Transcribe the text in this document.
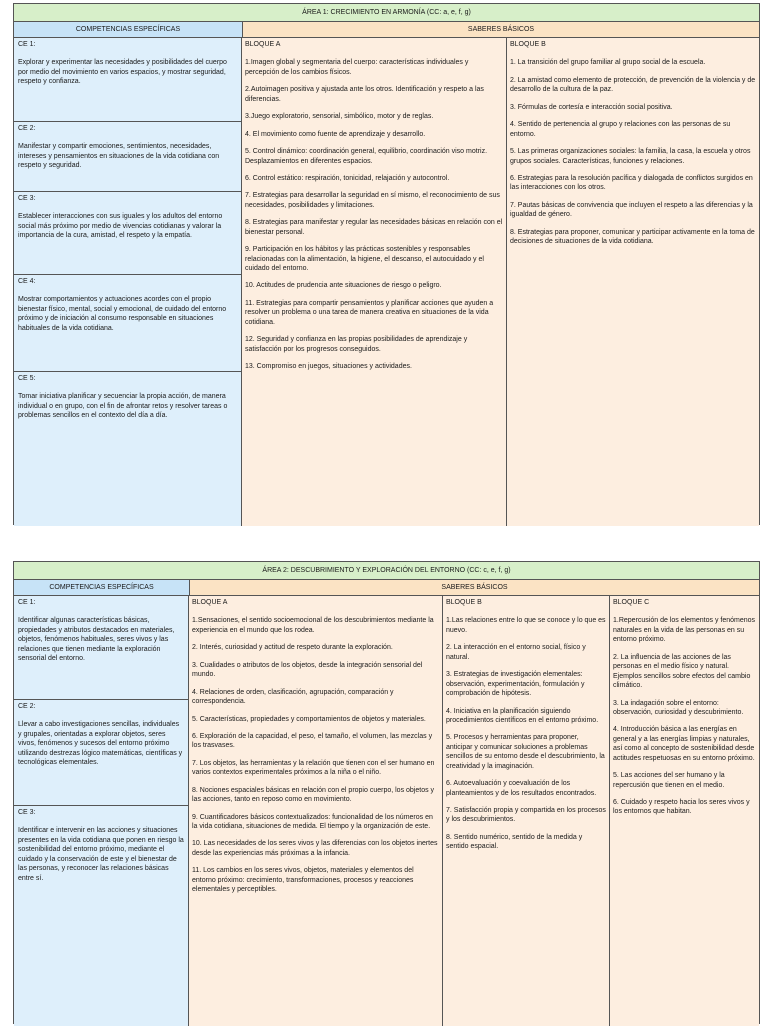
ÁREA 1: CRECIMIENTO EN ARMONÍA (CC: a, e, f, g)
COMPETENCIAS ESPECÍFICAS	SABERES BÁSICOS
CE 1:
Explorar y experimentar las necesidades y posibilidades del cuerpo por medio del movimiento en varios espacios, y mostrar seguridad, respeto y confianza.
CE 2:
Manifestar y compartir emociones, sentimientos, necesidades, intereses y pensamientos en situaciones de la vida cotidiana con respeto y seguridad.
CE 3:
Establecer interacciones con sus iguales y los adultos del entorno social más próximo por medio de vivencias cotidianas y valorar la importancia de la cura, amistad, el respeto y la empatía.
CE 4:
Mostrar comportamientos y actuaciones acordes con el propio bienestar físico, mental, social y emocional, de cuidado del entorno próximo y de iniciación al consumo responsable en situaciones habituales de la vida cotidiana.
CE 5:
Tomar iniciativa planificar y secuenciar la propia acción, de manera individual o en grupo, con el fin de afrontar retos y resolver tareas o problemas sencillos en el contexto del día a día.
BLOQUE A
1.Imagen global y segmentaria del cuerpo: características individuales y percepción de los cambios físicos.
2.Autoimagen positiva y ajustada ante los otros. Identificación y respeto a las diferencias.
3.Juego exploratorio, sensorial, simbólico, motor y de reglas.
4. El movimiento como fuente de aprendizaje y desarrollo.
5. Control dinámico: coordinación general, equilibrio, coordinación viso motriz. Desplazamientos en diferentes espacios.
6. Control estático: respiración, tonicidad, relajación y autocontrol.
7. Estrategias para desarrollar la seguridad en sí mismo, el reconocimiento de sus necesidades, posibilidades y limitaciones.
8. Estrategias para manifestar y regular las necesidades básicas en relación con el bienestar personal.
9. Participación en los hábitos y las prácticas sostenibles y responsables relacionadas con la alimentación, la higiene, el descanso, el autocuidado y el cuidado del entorno.
10. Actitudes de prudencia ante situaciones de riesgo o peligro.
11. Estrategias para compartir pensamientos y planificar acciones que ayuden a resolver un problema o una tarea de manera creativa en situaciones de la vida cotidiana.
12. Seguridad y confianza en las propias posibilidades de aprendizaje y satisfacción por los progresos conseguidos.
13. Compromiso en juegos, situaciones y actividades.
BLOQUE B
1. La transición del grupo familiar al grupo social de la escuela.
2. La amistad como elemento de protección, de prevención de la violencia y de desarrollo de la cultura de la paz.
3. Fórmulas de cortesía e interacción social positiva.
4. Sentido de pertenencia al grupo y relaciones con las personas de su entorno.
5. Las primeras organizaciones sociales: la familia, la casa, la escuela y otros grupos sociales. Características, funciones y relaciones.
6. Estrategias para la resolución pacífica y dialogada de conflictos surgidos en las interacciones con los otros.
7. Pautas básicas de convivencia que incluyen el respeto a las diferencias y la igualdad de género.
8. Estrategias para proponer, comunicar y participar activamente en la toma de decisiones de situaciones de la vida cotidiana.
ÁREA 2: DESCUBRIMIENTO Y EXPLORACIÓN DEL ENTORNO (CC: c, e, f, g)
COMPETENCIAS ESPECÍFICAS	SABERES BÁSICOS
CE 1:
Identificar algunas características básicas, propiedades y atributos destacados en materiales, objetos, fenómenos habituales, seres vivos y las relaciones que tienen mediante la exploración sensorial del entorno.
CE 2:
Llevar a cabo investigaciones sencillas, individuales y grupales, orientadas a explorar objetos, seres vivos, fenómenos y sucesos del entorno próximo utilizando destrezas lógico matemáticas, científicas y tecnológicas elementales.
CE 3:
Identificar e intervenir en las acciones y situaciones presentes en la vida cotidiana que ponen en riesgo la sostenibilidad del entorno próximo, mediante el cuidado y la conservación de este y el bienestar de las personas, y reconocer las relaciones básicas entre sí.
BLOQUE A
1.Sensaciones, el sentido socioemocional de los descubrimientos mediante la experiencia en el mundo que los rodea.
2. Interés, curiosidad y actitud de respeto durante la exploración.
3. Cualidades o atributos de los objetos, desde la integración sensorial del mundo.
4. Relaciones de orden, clasificación, agrupación, comparación y correspondencia.
5. Características, propiedades y comportamientos de objetos y materiales.
6. Exploración de la capacidad, el peso, el tamaño, el volumen, las mezclas y los trasvases.
7. Los objetos, las herramientas y la relación que tienen con el ser humano en varios contextos experimentales próximos a la niña o el niño.
8. Nociones espaciales básicas en relación con el propio cuerpo, los objetos y las acciones, tanto en reposo como en movimiento.
9. Cuantificadores básicos contextualizados: funcionalidad de los números en la vida cotidiana, situaciones de medida. El tiempo y la organización de este.
10. Las necesidades de los seres vivos y las diferencias con los objetos inertes desde las experiencias más próximas a la infancia.
11. Los cambios en los seres vivos, objetos, materiales y elementos del entorno próximo: crecimiento, transformaciones, procesos y reacciones elementales y perceptibles.
BLOQUE B
1.Las relaciones entre lo que se conoce y lo que es nuevo.
2. La interacción en el entorno social, físico y natural.
3. Estrategias de investigación elementales: observación, experimentación, formulación y comprobación de hipótesis.
4. Iniciativa en la planificación siguiendo procedimientos científicos en el entorno próximo.
5. Procesos y herramientas para proponer, anticipar y comunicar soluciones a problemas sencillos de su entorno desde el descubrimiento, la creatividad y la imaginación.
6. Autoevaluación y coevaluación de los planteamientos y de los resultados encontrados.
7. Satisfacción propia y compartida en los procesos y los descubrimientos.
8. Sentido numérico, sentido de la medida y sentido espacial.
BLOQUE C
1.Repercusión de los elementos y fenómenos naturales en la vida de las personas en su entorno próximo.
2. La influencia de las acciones de las personas en el medio físico y natural. Ejemplos sencillos sobre efectos del cambio climático.
3. La indagación sobre el entorno: observación, curiosidad y descubrimiento.
4. Introducción básica a las energías en general y a las energías limpias y naturales, así como al concepto de sostenibilidad desde actitudes respetuosas en su entorno próximo.
5. Las acciones del ser humano y la repercusión que tienen en el medio.
6. Cuidado y respeto hacia los seres vivos y los entornos que habitan.
